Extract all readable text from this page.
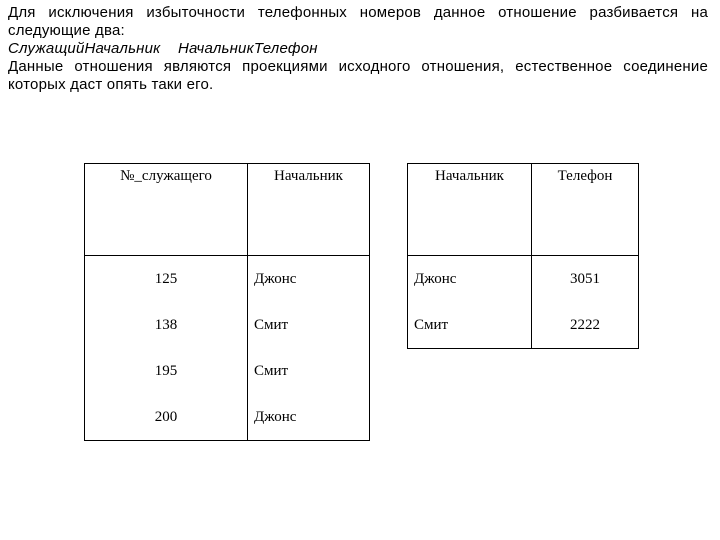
Для исключения избыточности телефонных номеров данное отношение разбивается на следующие два:

СлужащийНачальник НачальникТелефон

Данные отношения являются проекциями исходного отношения, естественное соединение которых даст опять таки его.

№_служащего	Начальник
125	Джонс
138	Смит
195	Смит
200	Джонс
Начальник	Телефон
Джонс	3051
Смит	2222
